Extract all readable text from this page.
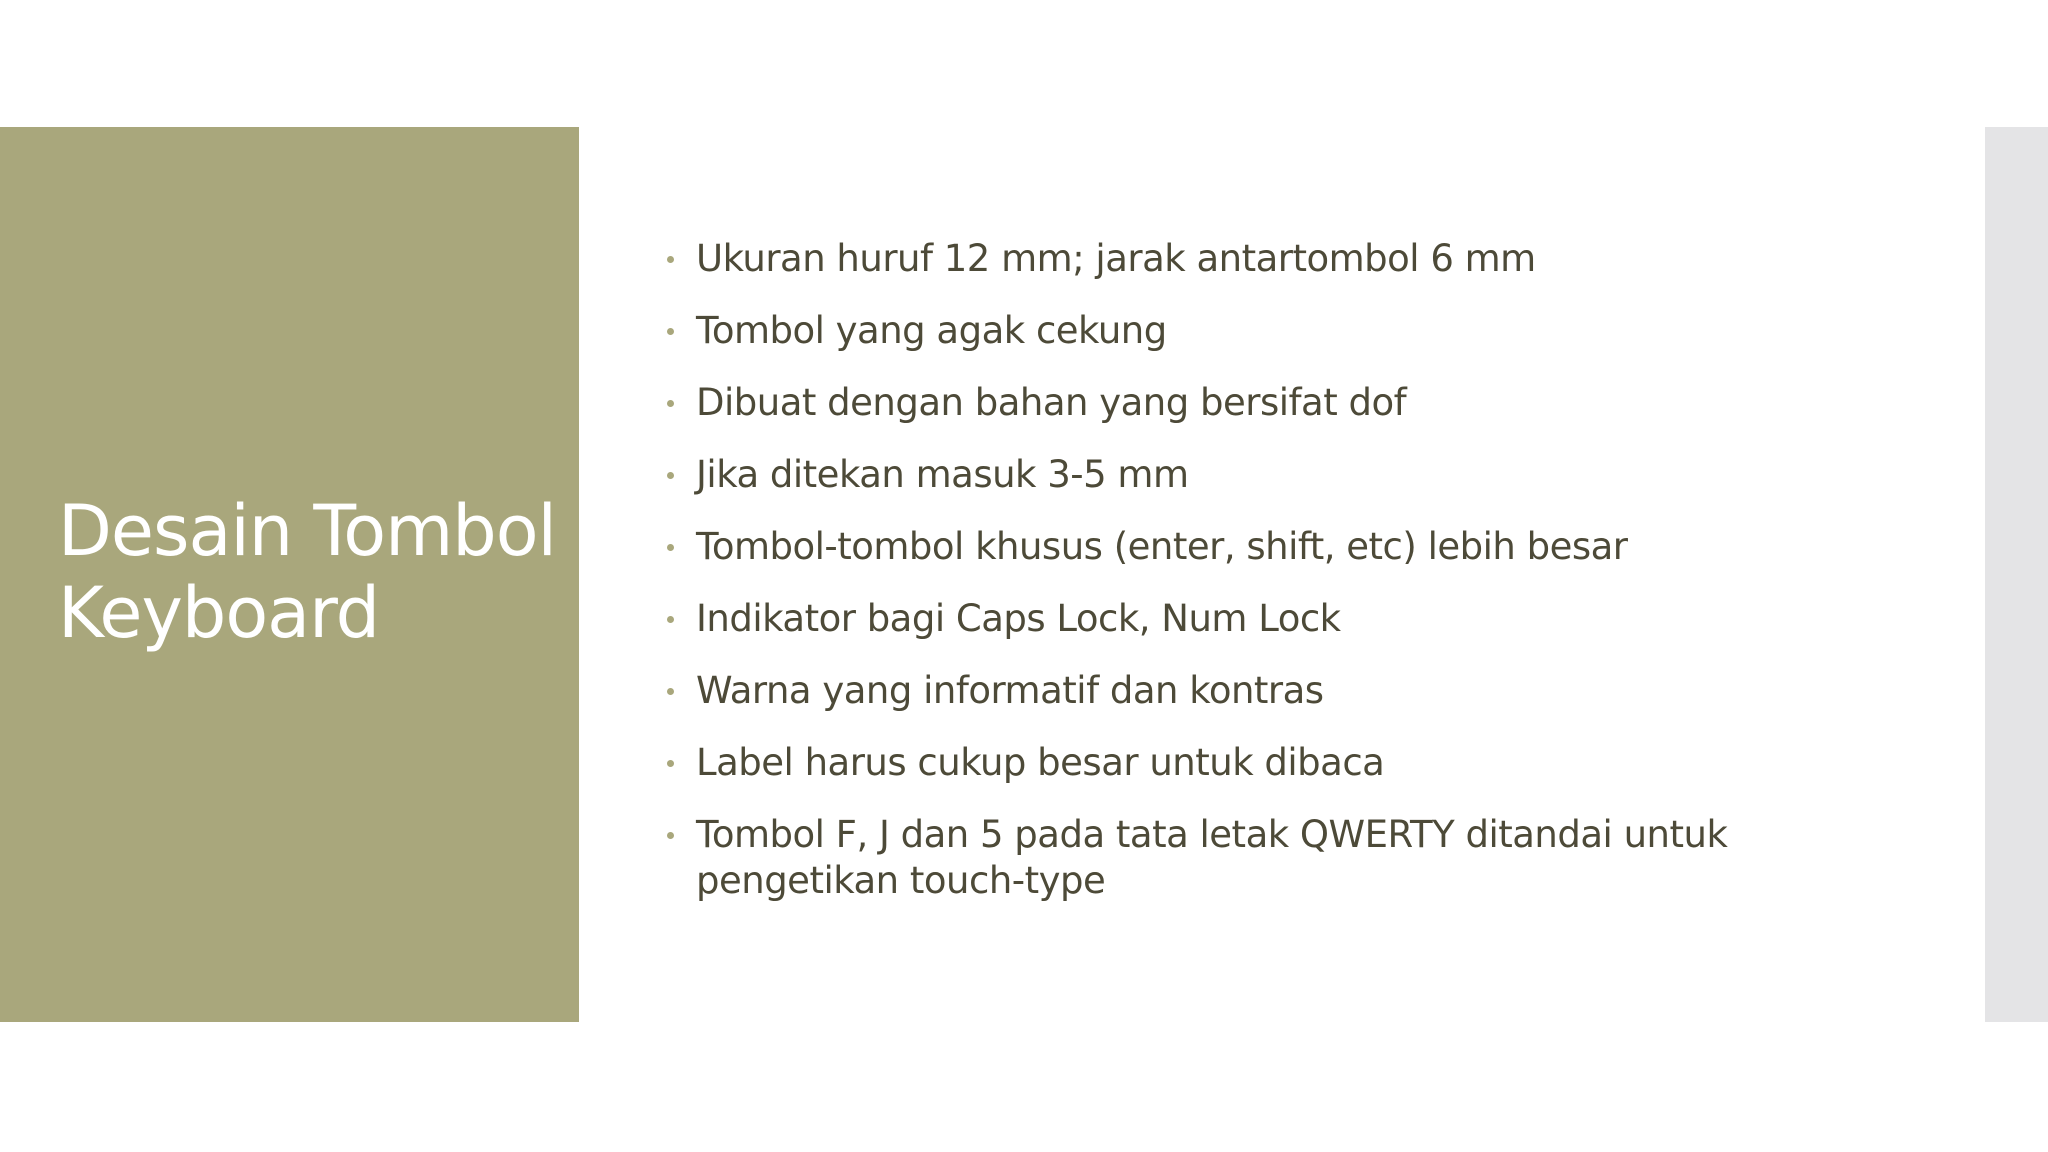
Desain Tombol Keyboard
Ukuran huruf 12 mm; jarak antartombol 6 mm
Tombol yang agak cekung
Dibuat dengan bahan yang bersifat dof
Jika ditekan masuk 3-5 mm
Tombol-tombol khusus (enter, shift, etc) lebih besar
Indikator bagi Caps Lock, Num Lock
Warna yang informatif dan kontras
Label harus cukup besar untuk dibaca
Tombol F, J dan 5 pada tata letak QWERTY ditandai untuk pengetikan touch-type
